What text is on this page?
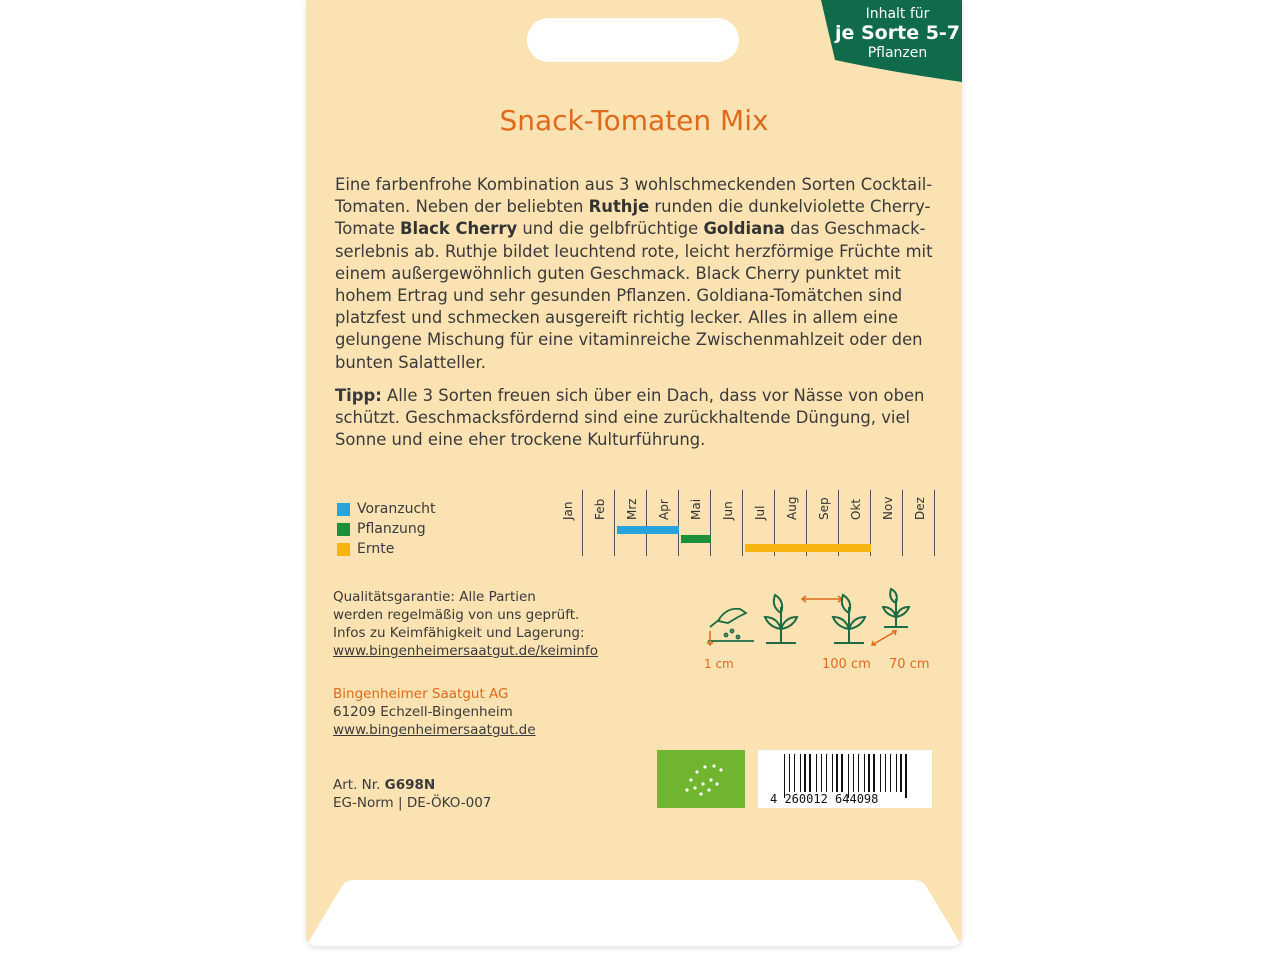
Inhalt für
je Sorte 5-7
Pflanzen
Snack-Tomaten Mix
Eine farbenfrohe Kombination aus 3 wohlschmeckenden Sorten Cocktail-Tomaten. Neben der beliebten Ruthje runden die dunkelviolette Cherry-Tomate Black Cherry und die gelbfrüchtige Goldiana das Geschmackserlebnis ab. Ruthje bildet leuchtend rote, leicht herzförmige Früchte mit einem außergewöhnlich guten Geschmack. Black Cherry punktet mit hohem Ertrag und sehr gesunden Pflanzen. Goldiana-Tomätchen sind platzfest und schmecken ausgereift richtig lecker. Alles in allem eine gelungene Mischung für eine vitaminreiche Zwischenmahlzeit oder den bunten Salatteller.
Tipp: Alle 3 Sorten freuen sich über ein Dach, dass vor Nässe von oben schützt. Geschmacksfördernd sind eine zurückhaltende Düngung, viel Sonne und eine eher trockene Kulturführung.
Voranzucht
Pflanzung
Ernte
Jan Feb Mrz Apr Mai Jun Jul Aug Sep Okt Nov Dez
Qualitätsgarantie: Alle Partien
werden regelmäßig von uns geprüft.
Infos zu Keimfähigkeit und Lagerung:
www.bingenheimersaatgut.de/keiminfo
1 cm	100 cm 70 cm
Bingenheimer Saatgut AG
61209 Echzell-Bingenheim
www.bingenheimersaatgut.de
Art. Nr. G698N
EG-Norm | DE-ÖKO-007	4 260012 644098
